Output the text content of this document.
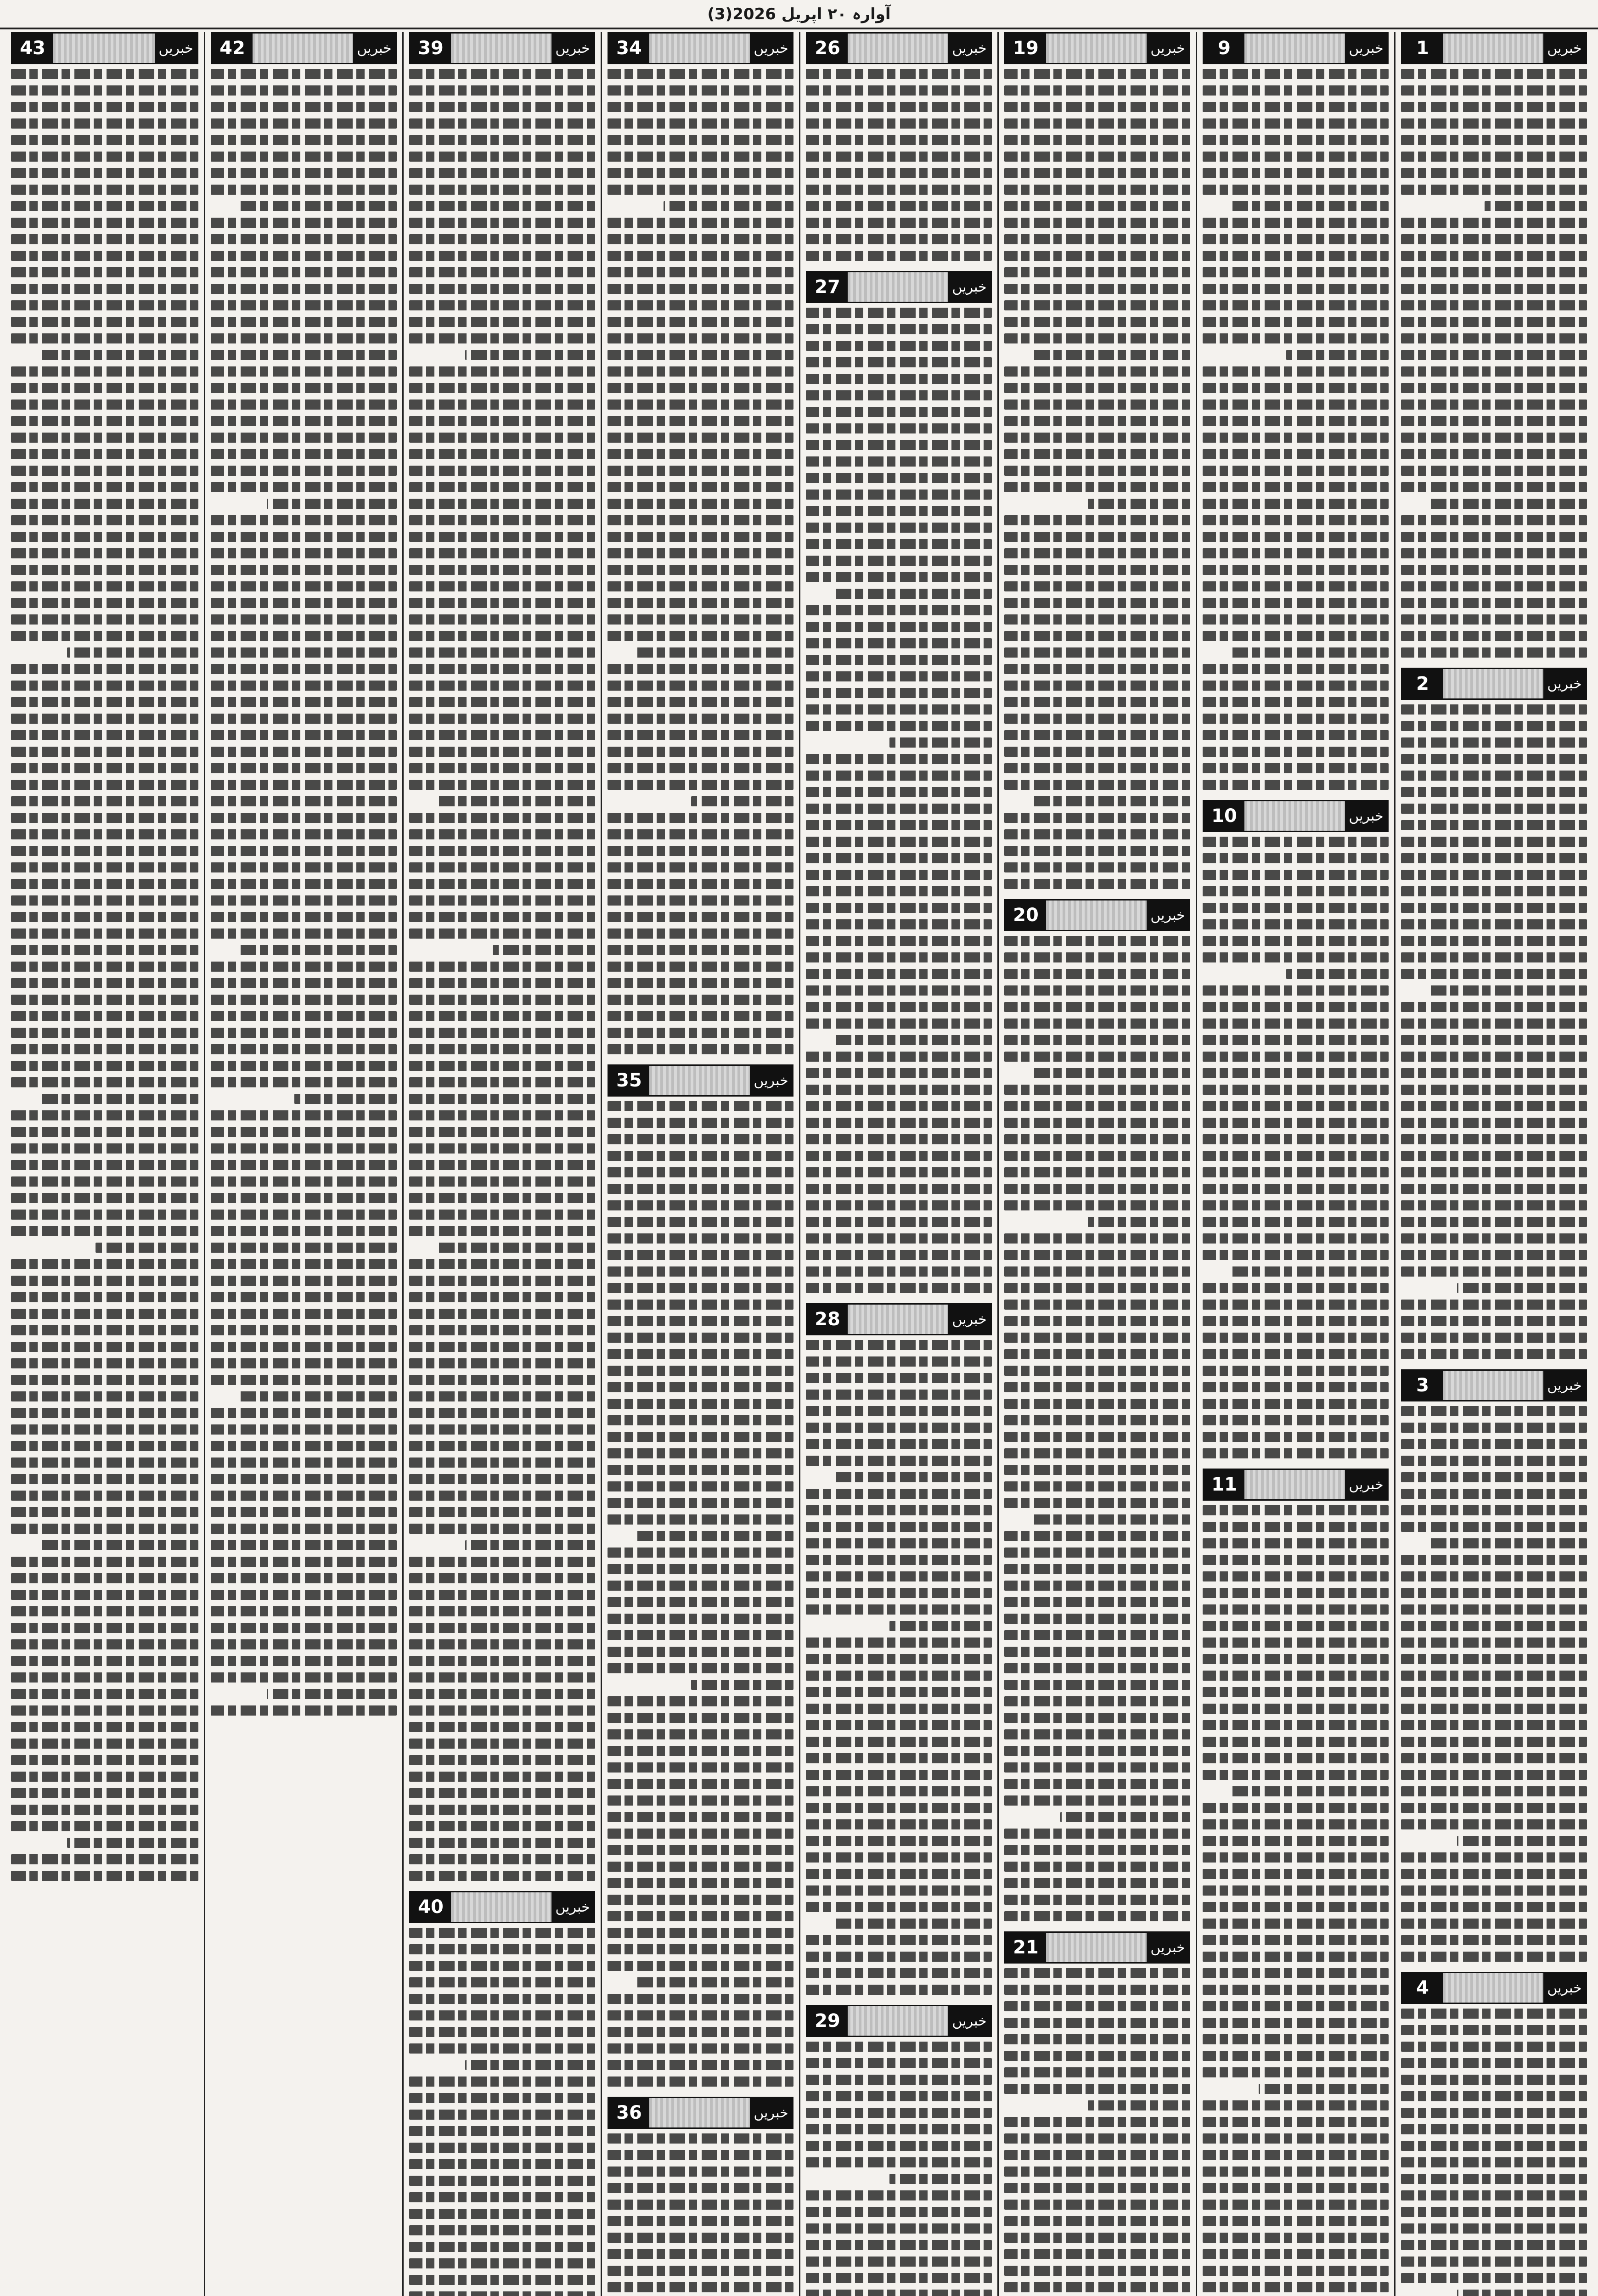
(3)آوارہ ۲۰ اپریل 2026
43	خبریں	42	خبریں	39	خبریں
40	خبریں
34	خبریں
35	خبریں
36	خبریں
26	خبریں
27	خبریں
28	خبریں
29	خبریں
19	خبریں
20	خبریں
21	خبریں
9	خبریں
10	خبریں
11	خبریں
1	خبریں
2	خبریں
3	خبریں
4	خبریں
